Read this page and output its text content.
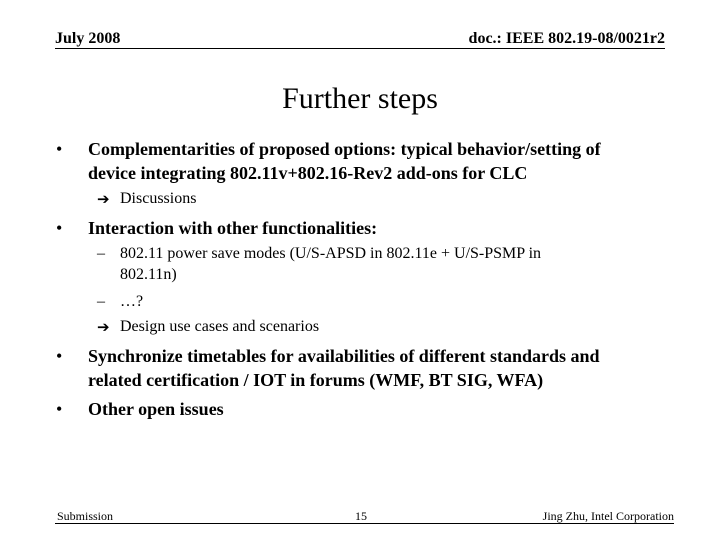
July 2008	doc.: IEEE 802.19-08/0021r2
Further steps
• Complementarities of proposed options: typical behavior/setting of
device integrating 802.11v+802.16-Rev2 add-ons for CLC
➔ Discussions
• Interaction with other functionalities:
– 802.11 power save modes (U/S-APSD in 802.11e + U/S-PSMP in
802.11n)
– …?
➔ Design use cases and scenarios
• Synchronize timetables for availabilities of different standards and
related certification / IOT in forums (WMF, BT SIG, WFA)
• Other open issues
Submission	15	Jing Zhu, Intel Corporation
